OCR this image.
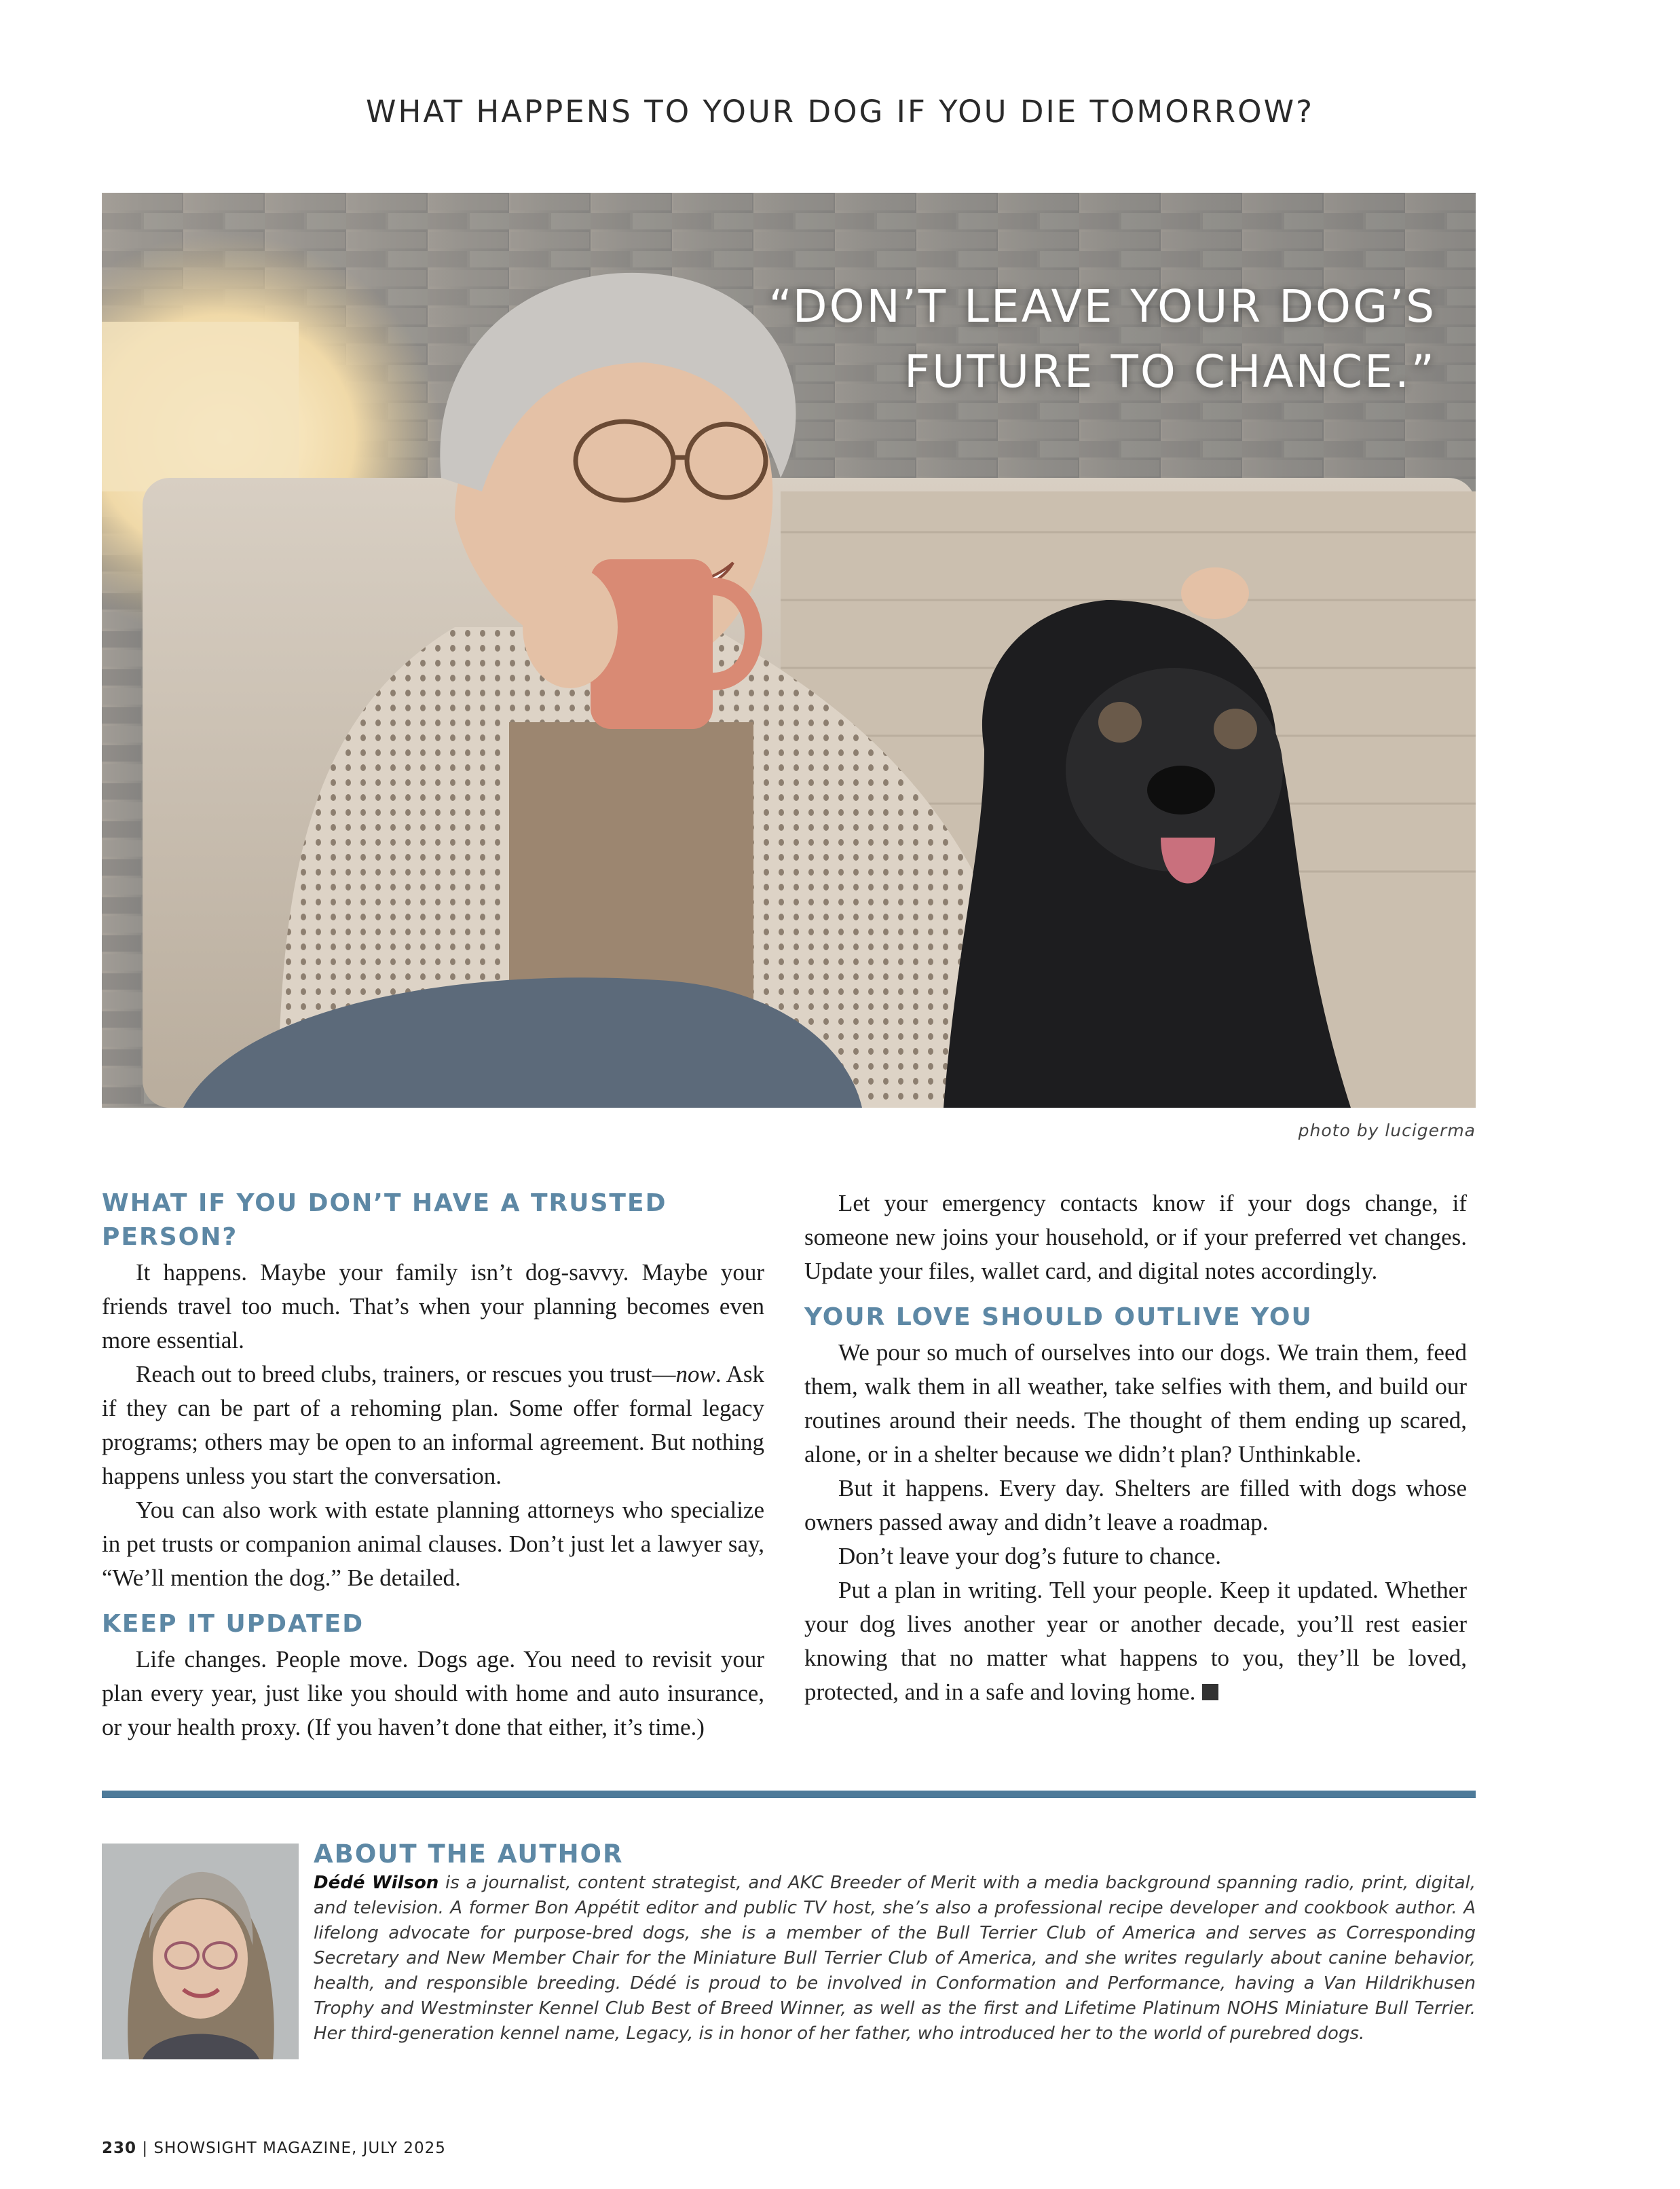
WHAT HAPPENS TO YOUR DOG IF YOU DIE TOMORROW?
“DON’T LEAVE YOUR DOG’S
FUTURE TO CHANCE.”
photo by lucigerma
WHAT IF YOU DON’T HAVE A TRUSTED PERSON?

It happens. Maybe your family isn’t dog-savvy. Maybe your friends travel too much. That’s when your planning becomes even more essential.

Reach out to breed clubs, trainers, or rescues you trust—now. Ask if they can be part of a rehoming plan. Some offer formal legacy programs; others may be open to an informal agreement. But nothing happens unless you start the conversation.

You can also work with estate planning attorneys who specialize in pet trusts or companion animal clauses. Don’t just let a lawyer say, “We’ll mention the dog.” Be detailed.

KEEP IT UPDATED

Life changes. People move. Dogs age. You need to revisit your plan every year, just like you should with home and auto insurance, or your health proxy. (If you haven’t done that either, it’s time.)

Let your emergency contacts know if your dogs change, if someone new joins your household, or if your preferred vet changes. Update your files, wallet card, and digital notes accordingly.

YOUR LOVE SHOULD OUTLIVE YOU

We pour so much of ourselves into our dogs. We train them, feed them, walk them in all weather, take selfies with them, and build our routines around their needs. The thought of them ending up scared, alone, or in a shelter because we didn’t plan? Unthinkable.

But it happens. Every day. Shelters are filled with dogs whose owners passed away and didn’t leave a roadmap.

Don’t leave your dog’s future to chance.

Put a plan in writing. Tell your people. Keep it updated. Whether your dog lives another year or another decade, you’ll rest easier knowing that no matter what happens to you, they’ll be loved, protected, and in a safe and loving home.

ABOUT THE AUTHOR

Dédé Wilson is a journalist, content strategist, and AKC Breeder of Merit with a media background spanning radio, print, digital, and television. A former Bon Appétit editor and public TV host, she’s also a professional recipe developer and cookbook author. A lifelong advocate for purpose-bred dogs, she is a member of the Bull Terrier Club of America and serves as Corresponding Secretary and New Member Chair for the Miniature Bull Terrier Club of America, and she writes regularly about canine behavior, health, and responsible breeding. Dédé is proud to be involved in Conformation and Performance, having a Van Hildrikhusen Trophy and Westminster Kennel Club Best of Breed Winner, as well as the first and Lifetime Platinum NOHS Miniature Bull Terrier. Her third-generation kennel name, Legacy, is in honor of her father, who introduced her to the world of purebred dogs.

230 | SHOWSIGHT MAGAZINE, JULY 2025
